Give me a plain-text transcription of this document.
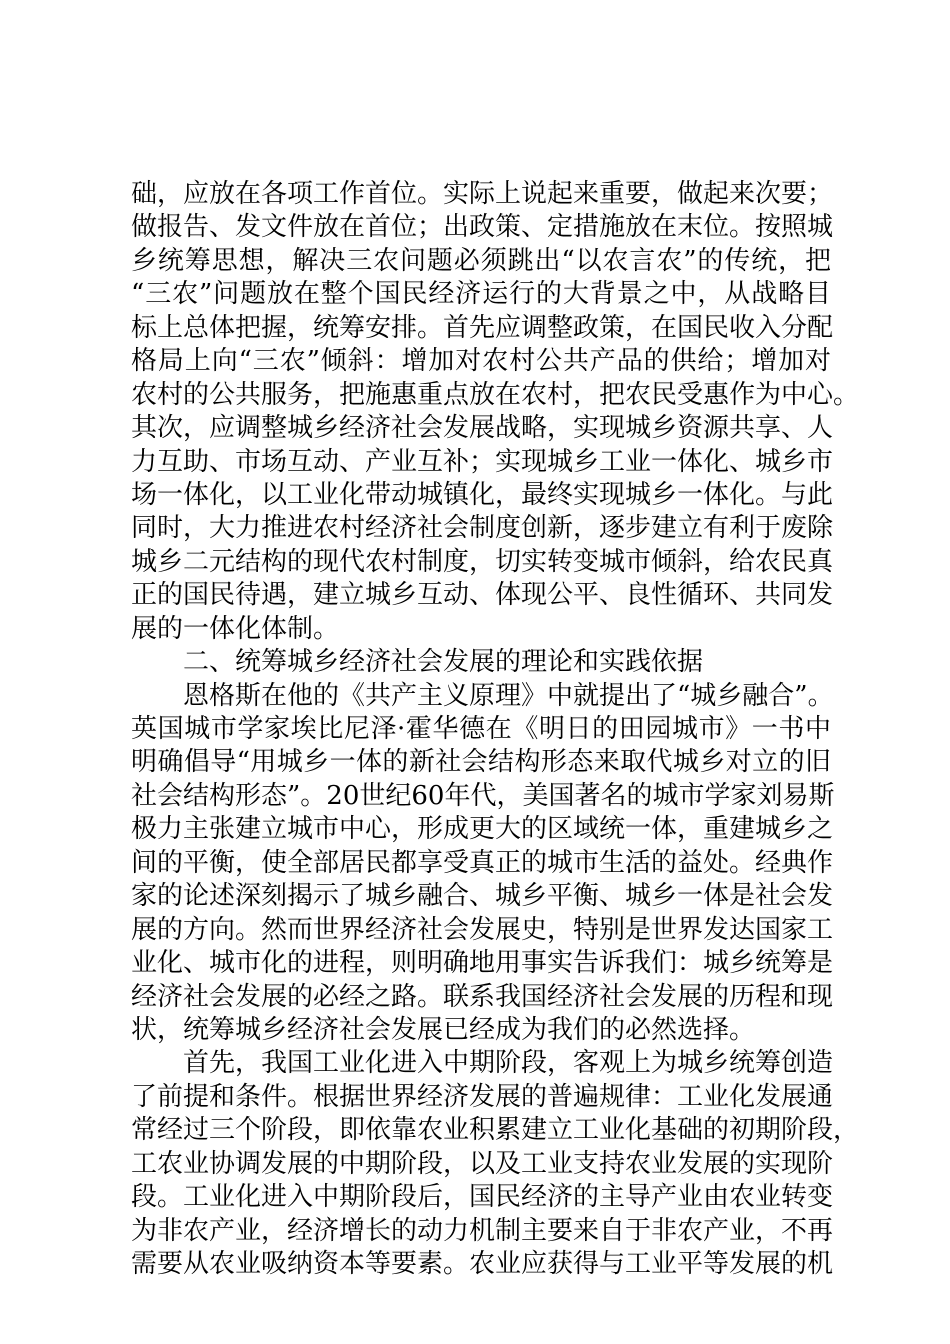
础，应放在各项工作首位。实际上说起来重要，做起来次要；
做报告、发文件放在首位；出政策、定措施放在末位。按照城
乡统筹思想，解决三农问题必须跳出“以农言农”的传统，把
“三农”问题放在整个国民经济运行的大背景之中，从战略目
标上总体把握，统筹安排。首先应调整政策，在国民收入分配
格局上向“三农”倾斜：增加对农村公共产品的供给；增加对
农村的公共服务，把施惠重点放在农村，把农民受惠作为中心。
其次，应调整城乡经济社会发展战略，实现城乡资源共享、人
力互助、市场互动、产业互补；实现城乡工业一体化、城乡市
场一体化，以工业化带动城镇化，最终实现城乡一体化。与此
同时，大力推进农村经济社会制度创新，逐步建立有利于废除
城乡二元结构的现代农村制度，切实转变城市倾斜，给农民真
正的国民待遇，建立城乡互动、体现公平、良性循环、共同发
展的一体化体制。
二、统筹城乡经济社会发展的理论和实践依据
恩格斯在他的《共产主义原理》中就提出了“城乡融合”。
英国城市学家埃比尼泽·霍华德在《明日的田园城市》一书中
明确倡导“用城乡一体的新社会结构形态来取代城乡对立的旧
社会结构形态”。20世纪60年代，美国著名的城市学家刘易斯
极力主张建立城市中心，形成更大的区域统一体，重建城乡之
间的平衡，使全部居民都享受真正的城市生活的益处。经典作
家的论述深刻揭示了城乡融合、城乡平衡、城乡一体是社会发
展的方向。然而世界经济社会发展史，特别是世界发达国家工
业化、城市化的进程，则明确地用事实告诉我们：城乡统筹是
经济社会发展的必经之路。联系我国经济社会发展的历程和现
状，统筹城乡经济社会发展已经成为我们的必然选择。
首先，我国工业化进入中期阶段，客观上为城乡统筹创造
了前提和条件。根据世界经济发展的普遍规律：工业化发展通
常经过三个阶段，即依靠农业积累建立工业化基础的初期阶段，
工农业协调发展的中期阶段，以及工业支持农业发展的实现阶
段。工业化进入中期阶段后，国民经济的主导产业由农业转变
为非农产业，经济增长的动力机制主要来自于非农产业，不再
需要从农业吸纳资本等要素。农业应获得与工业平等发展的机
